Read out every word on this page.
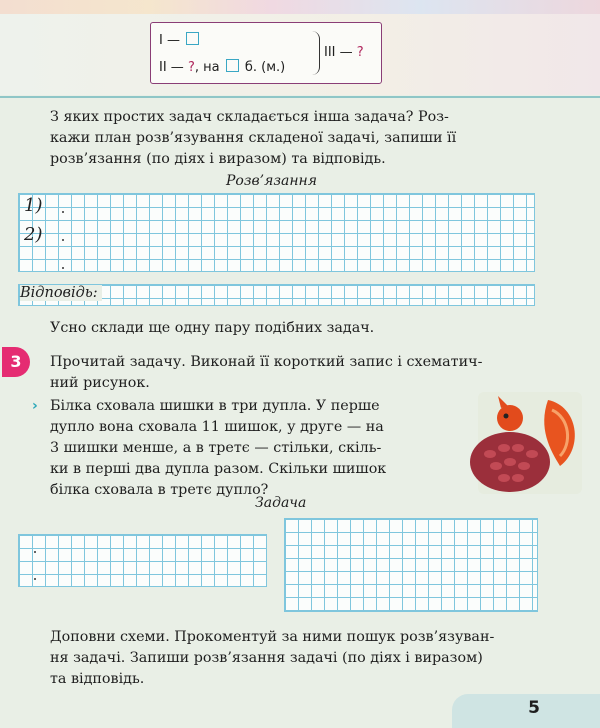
I —
II — ?, на б. (м.)
III — ?

З яких простих задач складається інша задача? Роз-

кажи план розв’язування складеної задачі, запиши її

розв’язання (по діях і виразом) та відповідь.

Розв’язання
1)
2)
Відповідь:

Усно склади ще одну пару подібних задач.

3	Прочитай задачу. Виконай її короткий запис і схематич-

ний рисунок.

› Білка сховала шишки в три дупла. У перше

дупло вона сховала 11 шишок, у друге — на

3 шишки менше, а в третє — стільки, скіль-

ки в перші два дупла разом. Скільки шишок

білка сховала в третє дупло?

Задача

Доповни схеми. Прокоментуй за ними пошук розв’язуван-

ня задачі. Запиши розв’язання задачі (по діях і виразом)

та відповідь.

5
